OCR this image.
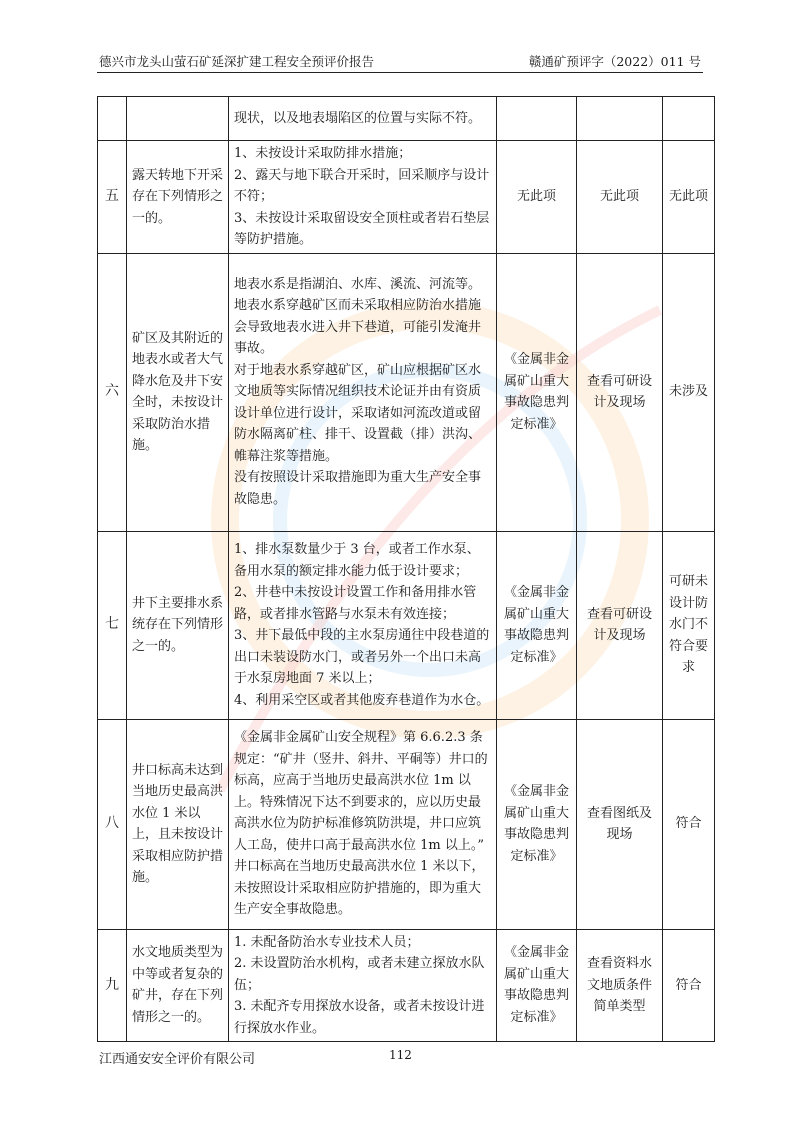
德兴市龙头山萤石矿延深扩建工程安全预评价报告	赣通矿预评字（2022）011 号

		现状，以及地表塌陷区的位置与实际不符。			

五	露天转地下开采存在下列情形之一的。	1、未按设计采取防排水措施；
2、露天与地下联合开采时，回采顺序与设计不符；
3、未按设计采取留设安全顶柱或者岩石垫层等防护措施。	无此项	无此项	无此项
六	矿区及其附近的地表水或者大气降水危及井下安全时，未按设计采取防治水措施。	地表水系是指湖泊、水库、溪流、河流等。地表水系穿越矿区而未采取相应防治水措施会导致地表水进入井下巷道，可能引发淹井事故。
对于地表水系穿越矿区，矿山应根据矿区水文地质等实际情况组织技术论证并由有资质设计单位进行设计，采取诸如河流改道或留防水隔离矿柱、排干、设置截（排）洪沟、帷幕注浆等措施。
没有按照设计采取措施即为重大生产安全事故隐患。	《金属非金属矿山重大事故隐患判定标准》	查看可研设计及现场	未涉及
七	井下主要排水系统存在下列情形之一的。	1、排水泵数量少于 3 台，或者工作水泵、备用水泵的额定排水能力低于设计要求；
2、井巷中未按设计设置工作和备用排水管路，或者排水管路与水泵未有效连接；
3、井下最低中段的主水泵房通往中段巷道的出口未装设防水门，或者另外一个出口未高于水泵房地面 7 米以上；
4、利用采空区或者其他废弃巷道作为水仓。	《金属非金属矿山重大事故隐患判定标准》	查看可研设计及现场	可研未设计防水门不符合要求
八	井口标高未达到当地历史最高洪水位 1 米以上，且未按设计采取相应防护措施。	《金属非金属矿山安全规程》第 6.6.2.3 条规定：“矿井（竖井、斜井、平硐等）井口的标高，应高于当地历史最高洪水位 1m 以上。特殊情况下达不到要求的，应以历史最高洪水位为防护标准修筑防洪堤，井口应筑人工岛，使井口高于最高洪水位 1m 以上。”
井口标高在当地历史最高洪水位 1 米以下，未按照设计采取相应防护措施的，即为重大生产安全事故隐患。	《金属非金属矿山重大事故隐患判定标准》	查看图纸及现场	符合
九	水文地质类型为中等或者复杂的矿井，存在下列情形之一的。	1. 未配备防治水专业技术人员；
2. 未设置防治水机构，或者未建立探放水队伍；
3. 未配齐专用探放水设备，或者未按设计进行探放水作业。	《金属非金属矿山重大事故隐患判定标准》	查看资料水文地质条件简单类型	符合
江西通安安全评价有限公司	112
